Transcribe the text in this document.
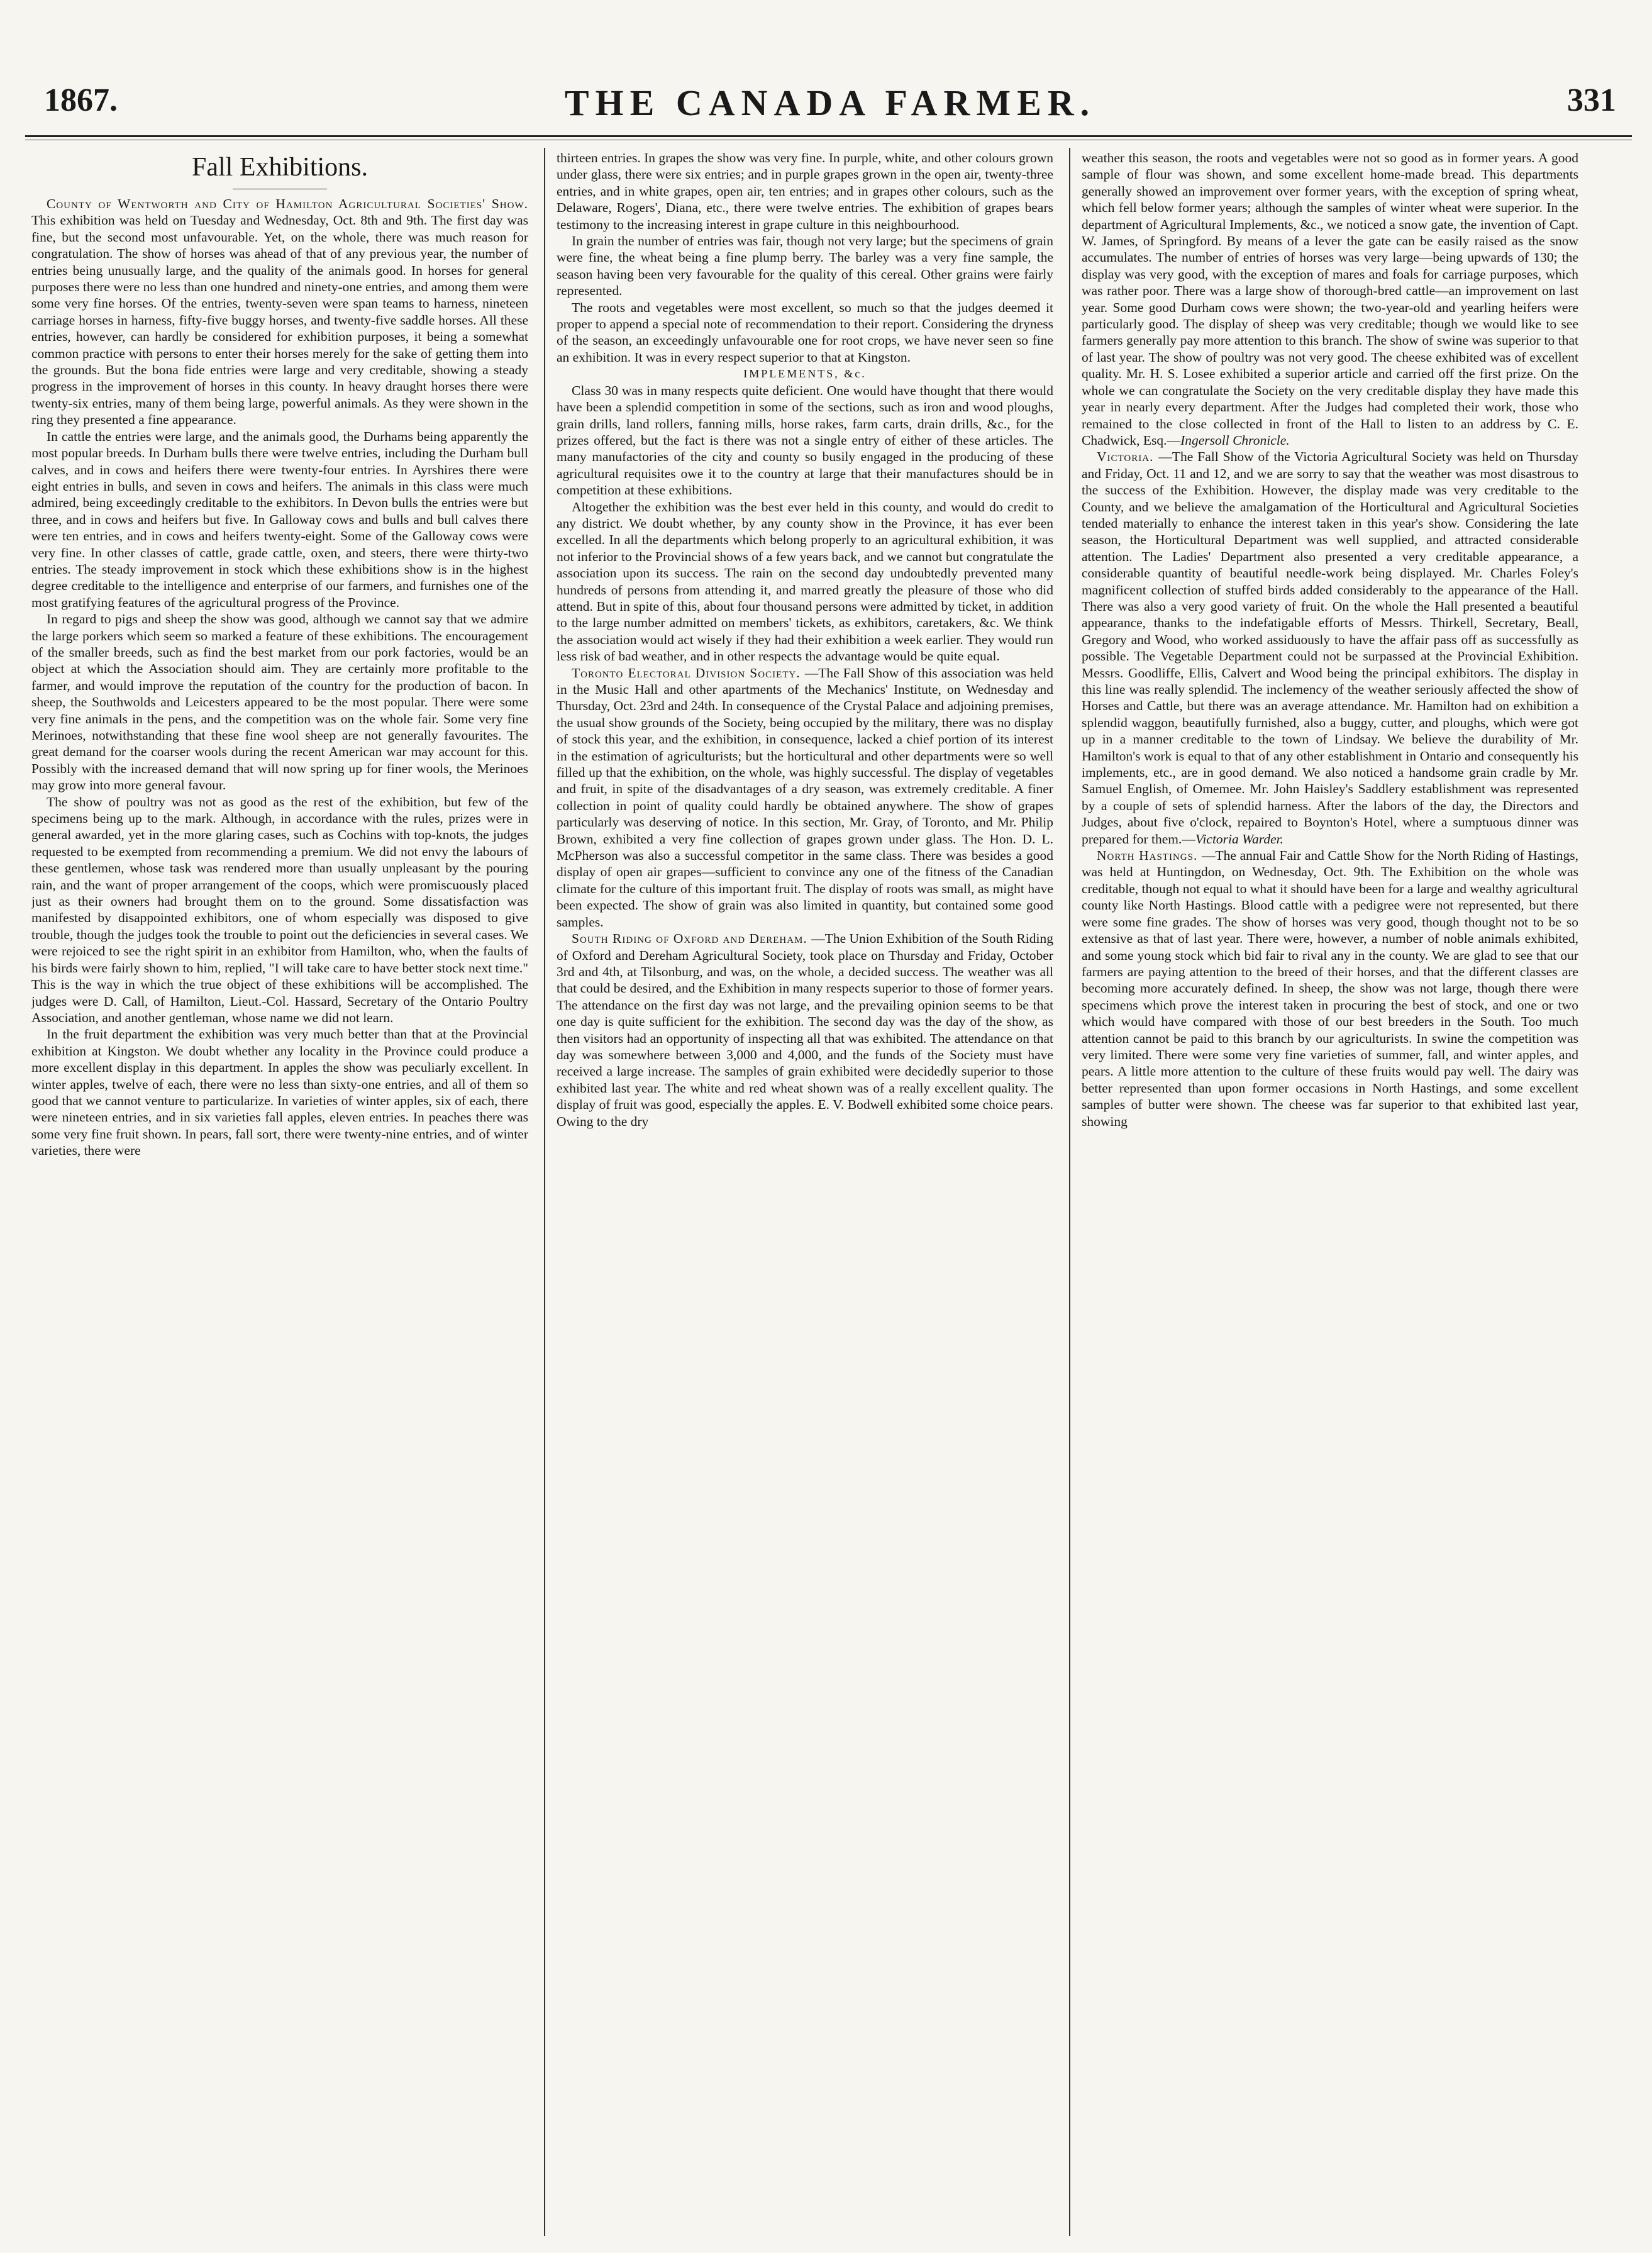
1867.	THE CANADA FARMER.	331

Fall Exhibitions.

County of Wentworth and City of Hamilton Agricultural Societies' Show. This exhibition was held on Tuesday and Wednesday, Oct. 8th and 9th. The first day was fine, but the second most unfavourable. Yet, on the whole, there was much reason for congratulation. The show of horses was ahead of that of any previous year, the number of entries being unusually large, and the quality of the animals good. In horses for general purposes there were no less than one hundred and ninety-one entries, and among them were some very fine horses. Of the entries, twenty-seven were span teams to harness, nineteen carriage horses in harness, fifty-five buggy horses, and twenty-five saddle horses. All these entries, however, can hardly be considered for exhibition purposes, it being a somewhat common practice with persons to enter their horses merely for the sake of getting them into the grounds. But the bona fide entries were large and very creditable, showing a steady progress in the improvement of horses in this county. In heavy draught horses there were twenty-six entries, many of them being large, powerful animals. As they were shown in the ring they presented a fine appearance.

In cattle the entries were large, and the animals good, the Durhams being apparently the most popular breeds. In Durham bulls there were twelve entries, including the Durham bull calves, and in cows and heifers there were twenty-four entries. In Ayrshires there were eight entries in bulls, and seven in cows and heifers. The animals in this class were much admired, being exceedingly creditable to the exhibitors. In Devon bulls the entries were but three, and in cows and heifers but five. In Galloway cows and bulls and bull calves there were ten entries, and in cows and heifers twenty-eight. Some of the Galloway cows were very fine. In other classes of cattle, grade cattle, oxen, and steers, there were thirty-two entries. The steady improvement in stock which these exhibitions show is in the highest degree creditable to the intelligence and enterprise of our farmers, and furnishes one of the most gratifying features of the agricultural progress of the Province.

In regard to pigs and sheep the show was good, although we cannot say that we admire the large porkers which seem so marked a feature of these exhibitions. The encouragement of the smaller breeds, such as find the best market from our pork factories, would be an object at which the Association should aim. They are certainly more profitable to the farmer, and would improve the reputation of the country for the production of bacon. In sheep, the Southwolds and Leicesters appeared to be the most popular. There were some very fine animals in the pens, and the competition was on the whole fair. Some very fine Merinoes, notwithstanding that these fine wool sheep are not generally favourites. The great demand for the coarser wools during the recent American war may account for this. Possibly with the increased demand that will now spring up for finer wools, the Merinoes may grow into more general favour.

The show of poultry was not as good as the rest of the exhibition, but few of the specimens being up to the mark. Although, in accordance with the rules, prizes were in general awarded, yet in the more glaring cases, such as Cochins with top-knots, the judges requested to be exempted from recommending a premium. We did not envy the labours of these gentlemen, whose task was rendered more than usually unpleasant by the pouring rain, and the want of proper arrangement of the coops, which were promiscuously placed just as their owners had brought them on to the ground. Some dissatisfaction was manifested by disappointed exhibitors, one of whom especially was disposed to give trouble, though the judges took the trouble to point out the deficiencies in several cases. We were rejoiced to see the right spirit in an exhibitor from Hamilton, who, when the faults of his birds were fairly shown to him, replied, "I will take care to have better stock next time." This is the way in which the true object of these exhibitions will be accomplished. The judges were D. Call, of Hamilton, Lieut.-Col. Hassard, Secretary of the Ontario Poultry Association, and another gentleman, whose name we did not learn.

In the fruit department the exhibition was very much better than that at the Provincial exhibition at Kingston. We doubt whether any locality in the Province could produce a more excellent display in this department. In apples the show was peculiarly excellent. In winter apples, twelve of each, there were no less than sixty-one entries, and all of them so good that we cannot venture to particularize. In varieties of winter apples, six of each, there were nineteen entries, and in six varieties fall apples, eleven entries. In peaches there was some very fine fruit shown. In pears, fall sort, there were twenty-nine entries, and of winter varieties, there were

thirteen entries. In grapes the show was very fine. In purple, white, and other colours grown under glass, there were six entries; and in purple grapes grown in the open air, twenty-three entries, and in white grapes, open air, ten entries; and in grapes other colours, such as the Delaware, Rogers', Diana, etc., there were twelve entries. The exhibition of grapes bears testimony to the increasing interest in grape culture in this neighbourhood.

In grain the number of entries was fair, though not very large; but the specimens of grain were fine, the wheat being a fine plump berry. The barley was a very fine sample, the season having been very favourable for the quality of this cereal. Other grains were fairly represented.

The roots and vegetables were most excellent, so much so that the judges deemed it proper to append a special note of recommendation to their report. Considering the dryness of the season, an exceedingly unfavourable one for root crops, we have never seen so fine an exhibition. It was in every respect superior to that at Kingston.

IMPLEMENTS, &c.

Class 30 was in many respects quite deficient. One would have thought that there would have been a splendid competition in some of the sections, such as iron and wood ploughs, grain drills, land rollers, fanning mills, horse rakes, farm carts, drain drills, &c., for the prizes offered, but the fact is there was not a single entry of either of these articles. The many manufactories of the city and county so busily engaged in the producing of these agricultural requisites owe it to the country at large that their manufactures should be in competition at these exhibitions.

Altogether the exhibition was the best ever held in this county, and would do credit to any district. We doubt whether, by any county show in the Province, it has ever been excelled. In all the departments which belong properly to an agricultural exhibition, it was not inferior to the Provincial shows of a few years back, and we cannot but congratulate the association upon its success. The rain on the second day undoubtedly prevented many hundreds of persons from attending it, and marred greatly the pleasure of those who did attend. But in spite of this, about four thousand persons were admitted by ticket, in addition to the large number admitted on members' tickets, as exhibitors, caretakers, &c. We think the association would act wisely if they had their exhibition a week earlier. They would run less risk of bad weather, and in other respects the advantage would be quite equal.

Toronto Electoral Division Society. —The Fall Show of this association was held in the Music Hall and other apartments of the Mechanics' Institute, on Wednesday and Thursday, Oct. 23rd and 24th. In consequence of the Crystal Palace and adjoining premises, the usual show grounds of the Society, being occupied by the military, there was no display of stock this year, and the exhibition, in consequence, lacked a chief portion of its interest in the estimation of agriculturists; but the horticultural and other departments were so well filled up that the exhibition, on the whole, was highly successful. The display of vegetables and fruit, in spite of the disadvantages of a dry season, was extremely creditable. A finer collection in point of quality could hardly be obtained anywhere. The show of grapes particularly was deserving of notice. In this section, Mr. Gray, of Toronto, and Mr. Philip Brown, exhibited a very fine collection of grapes grown under glass. The Hon. D. L. McPherson was also a successful competitor in the same class. There was besides a good display of open air grapes—sufficient to convince any one of the fitness of the Canadian climate for the culture of this important fruit. The display of roots was small, as might have been expected. The show of grain was also limited in quantity, but contained some good samples.

South Riding of Oxford and Dereham. —The Union Exhibition of the South Riding of Oxford and Dereham Agricultural Society, took place on Thursday and Friday, October 3rd and 4th, at Tilsonburg, and was, on the whole, a decided success. The weather was all that could be desired, and the Exhibition in many respects superior to those of former years. The attendance on the first day was not large, and the prevailing opinion seems to be that one day is quite sufficient for the exhibition. The second day was the day of the show, as then visitors had an opportunity of inspecting all that was exhibited. The attendance on that day was somewhere between 3,000 and 4,000, and the funds of the Society must have received a large increase. The samples of grain exhibited were decidedly superior to those exhibited last year. The white and red wheat shown was of a really excellent quality. The display of fruit was good, especially the apples. E. V. Bodwell exhibited some choice pears. Owing to the dry

weather this season, the roots and vegetables were not so good as in former years. A good sample of flour was shown, and some excellent home-made bread. This departments generally showed an improvement over former years, with the exception of spring wheat, which fell below former years; although the samples of winter wheat were superior. In the department of Agricultural Implements, &c., we noticed a snow gate, the invention of Capt. W. James, of Springford. By means of a lever the gate can be easily raised as the snow accumulates. The number of entries of horses was very large—being upwards of 130; the display was very good, with the exception of mares and foals for carriage purposes, which was rather poor. There was a large show of thorough-bred cattle—an improvement on last year. Some good Durham cows were shown; the two-year-old and yearling heifers were particularly good. The display of sheep was very creditable; though we would like to see farmers generally pay more attention to this branch. The show of swine was superior to that of last year. The show of poultry was not very good. The cheese exhibited was of excellent quality. Mr. H. S. Losee exhibited a superior article and carried off the first prize. On the whole we can congratulate the Society on the very creditable display they have made this year in nearly every department. After the Judges had completed their work, those who remained to the close collected in front of the Hall to listen to an address by C. E. Chadwick, Esq.—Ingersoll Chronicle.

Victoria. —The Fall Show of the Victoria Agricultural Society was held on Thursday and Friday, Oct. 11 and 12, and we are sorry to say that the weather was most disastrous to the success of the Exhibition. However, the display made was very creditable to the County, and we believe the amalgamation of the Horticultural and Agricultural Societies tended materially to enhance the interest taken in this year's show. Considering the late season, the Horticultural Department was well supplied, and attracted considerable attention. The Ladies' Department also presented a very creditable appearance, a considerable quantity of beautiful needle-work being displayed. Mr. Charles Foley's magnificent collection of stuffed birds added considerably to the appearance of the Hall. There was also a very good variety of fruit. On the whole the Hall presented a beautiful appearance, thanks to the indefatigable efforts of Messrs. Thirkell, Secretary, Beall, Gregory and Wood, who worked assiduously to have the affair pass off as successfully as possible. The Vegetable Department could not be surpassed at the Provincial Exhibition. Messrs. Goodliffe, Ellis, Calvert and Wood being the principal exhibitors. The display in this line was really splendid. The inclemency of the weather seriously affected the show of Horses and Cattle, but there was an average attendance. Mr. Hamilton had on exhibition a splendid waggon, beautifully furnished, also a buggy, cutter, and ploughs, which were got up in a manner creditable to the town of Lindsay. We believe the durability of Mr. Hamilton's work is equal to that of any other establishment in Ontario and consequently his implements, etc., are in good demand. We also noticed a handsome grain cradle by Mr. Samuel English, of Omemee. Mr. John Haisley's Saddlery establishment was represented by a couple of sets of splendid harness. After the labors of the day, the Directors and Judges, about five o'clock, repaired to Boynton's Hotel, where a sumptuous dinner was prepared for them.—Victoria Warder.

North Hastings. —The annual Fair and Cattle Show for the North Riding of Hastings, was held at Huntingdon, on Wednesday, Oct. 9th. The Exhibition on the whole was creditable, though not equal to what it should have been for a large and wealthy agricultural county like North Hastings. Blood cattle with a pedigree were not represented, but there were some fine grades. The show of horses was very good, though thought not to be so extensive as that of last year. There were, however, a number of noble animals exhibited, and some young stock which bid fair to rival any in the county. We are glad to see that our farmers are paying attention to the breed of their horses, and that the different classes are becoming more accurately defined. In sheep, the show was not large, though there were specimens which prove the interest taken in procuring the best of stock, and one or two which would have compared with those of our best breeders in the South. Too much attention cannot be paid to this branch by our agriculturists. In swine the competition was very limited. There were some very fine varieties of summer, fall, and winter apples, and pears. A little more attention to the culture of these fruits would pay well. The dairy was better represented than upon former occasions in North Hastings, and some excellent samples of butter were shown. The cheese was far superior to that exhibited last year, showing
